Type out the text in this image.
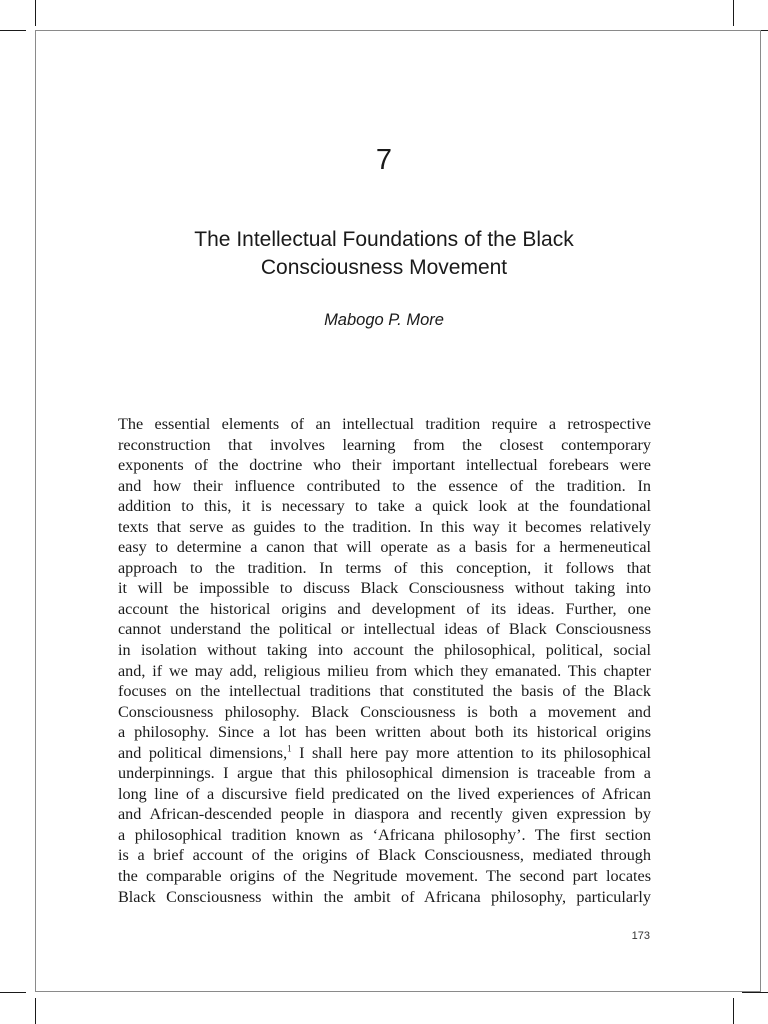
7
The Intellectual Foundations of the Black
Consciousness Movement
Mabogo P. More
The essential elements of an intellectual tradition require a retrospective
reconstruction that involves learning from the closest contemporary
exponents of the doctrine who their important intellectual forebears were
and how their influence contributed to the essence of the tradition. In
addition to this, it is necessary to take a quick look at the foundational
texts that serve as guides to the tradition. In this way it becomes relatively
easy to determine a canon that will operate as a basis for a hermeneutical
approach to the tradition. In terms of this conception, it follows that
it will be impossible to discuss Black Consciousness without taking into
account the historical origins and development of its ideas. Further, one
cannot understand the political or intellectual ideas of Black Consciousness
in isolation without taking into account the philosophical, political, social
and, if we may add, religious milieu from which they emanated. This chapter
focuses on the intellectual traditions that constituted the basis of the Black
Consciousness philosophy. Black Consciousness is both a movement and
a philosophy. Since a lot has been written about both its historical origins
and political dimensions,$^1$ I shall here pay more attention to its philosophical
underpinnings. I argue that this philosophical dimension is traceable from a
long line of a discursive field predicated on the lived experiences of African
and African-descended people in diaspora and recently given expression by
a philosophical tradition known as ‘Africana philosophy’. The first section
is a brief account of the origins of Black Consciousness, mediated through
the comparable origins of the Negritude movement. The second part locates
Black Consciousness within the ambit of Africana philosophy, particularly
173
